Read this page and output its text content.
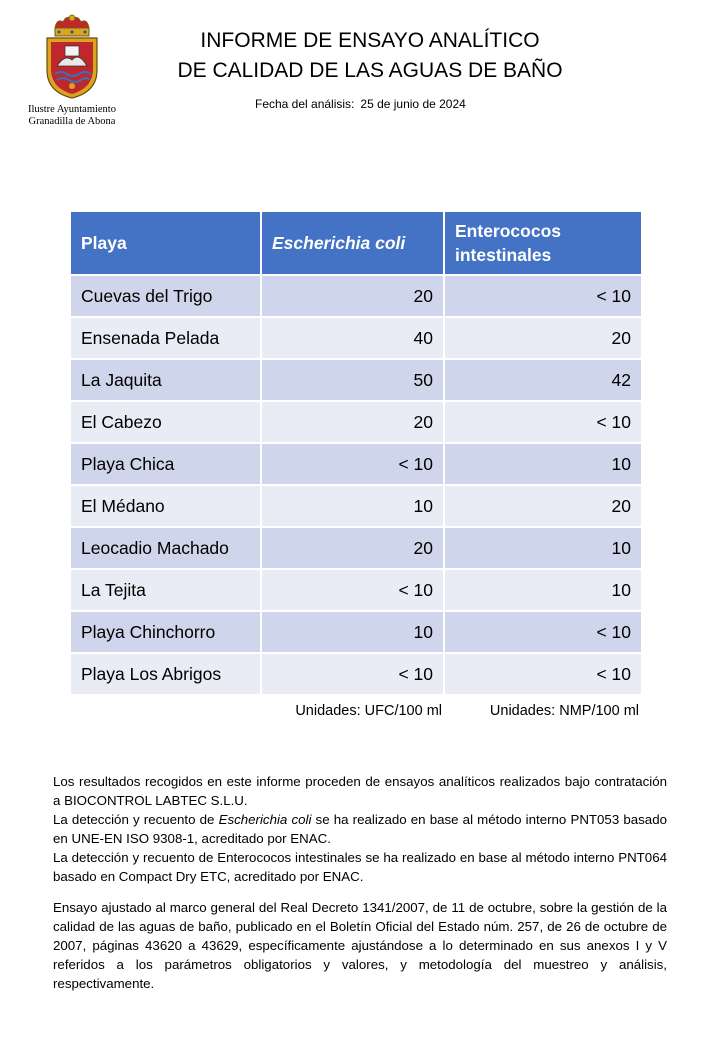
Ilustre Ayuntamiento
Granadilla de Abona
INFORME DE ENSAYO ANALÍTICO
DE CALIDAD DE LAS AGUAS DE BAÑO
Fecha del análisis: 25 de junio de 2024
Playa	Escherichia coli	Enterococos intestinales
Cuevas del Trigo	20	< 10
Ensenada Pelada	40	20
La Jaquita	50	42
El Cabezo	20	< 10
Playa Chica	< 10	10
El Médano	10	20
Leocadio Machado	20	10
La Tejita	< 10	10
Playa Chinchorro	10	< 10
Playa Los Abrigos	< 10	< 10
Unidades: UFC/100 ml	Unidades: NMP/100 ml

Los resultados recogidos en este informe proceden de ensayos analíticos realizados bajo contratación a BIOCONTROL LABTEC S.L.U.

La detección y recuento de Escherichia coli se ha realizado en base al método interno PNT053 basado en UNE-EN ISO 9308-1, acreditado por ENAC.

La detección y recuento de Enterococos intestinales se ha realizado en base al método interno PNT064 basado en Compact Dry ETC, acreditado por ENAC.

Ensayo ajustado al marco general del Real Decreto 1341/2007, de 11 de octubre, sobre la gestión de la calidad de las aguas de baño, publicado en el Boletín Oficial del Estado núm. 257, de 26 de octubre de 2007, páginas 43620 a 43629, específicamente ajustándose a lo determinado en sus anexos I y V referidos a los parámetros obligatorios y valores, y metodología del muestreo y análisis, respectivamente.
